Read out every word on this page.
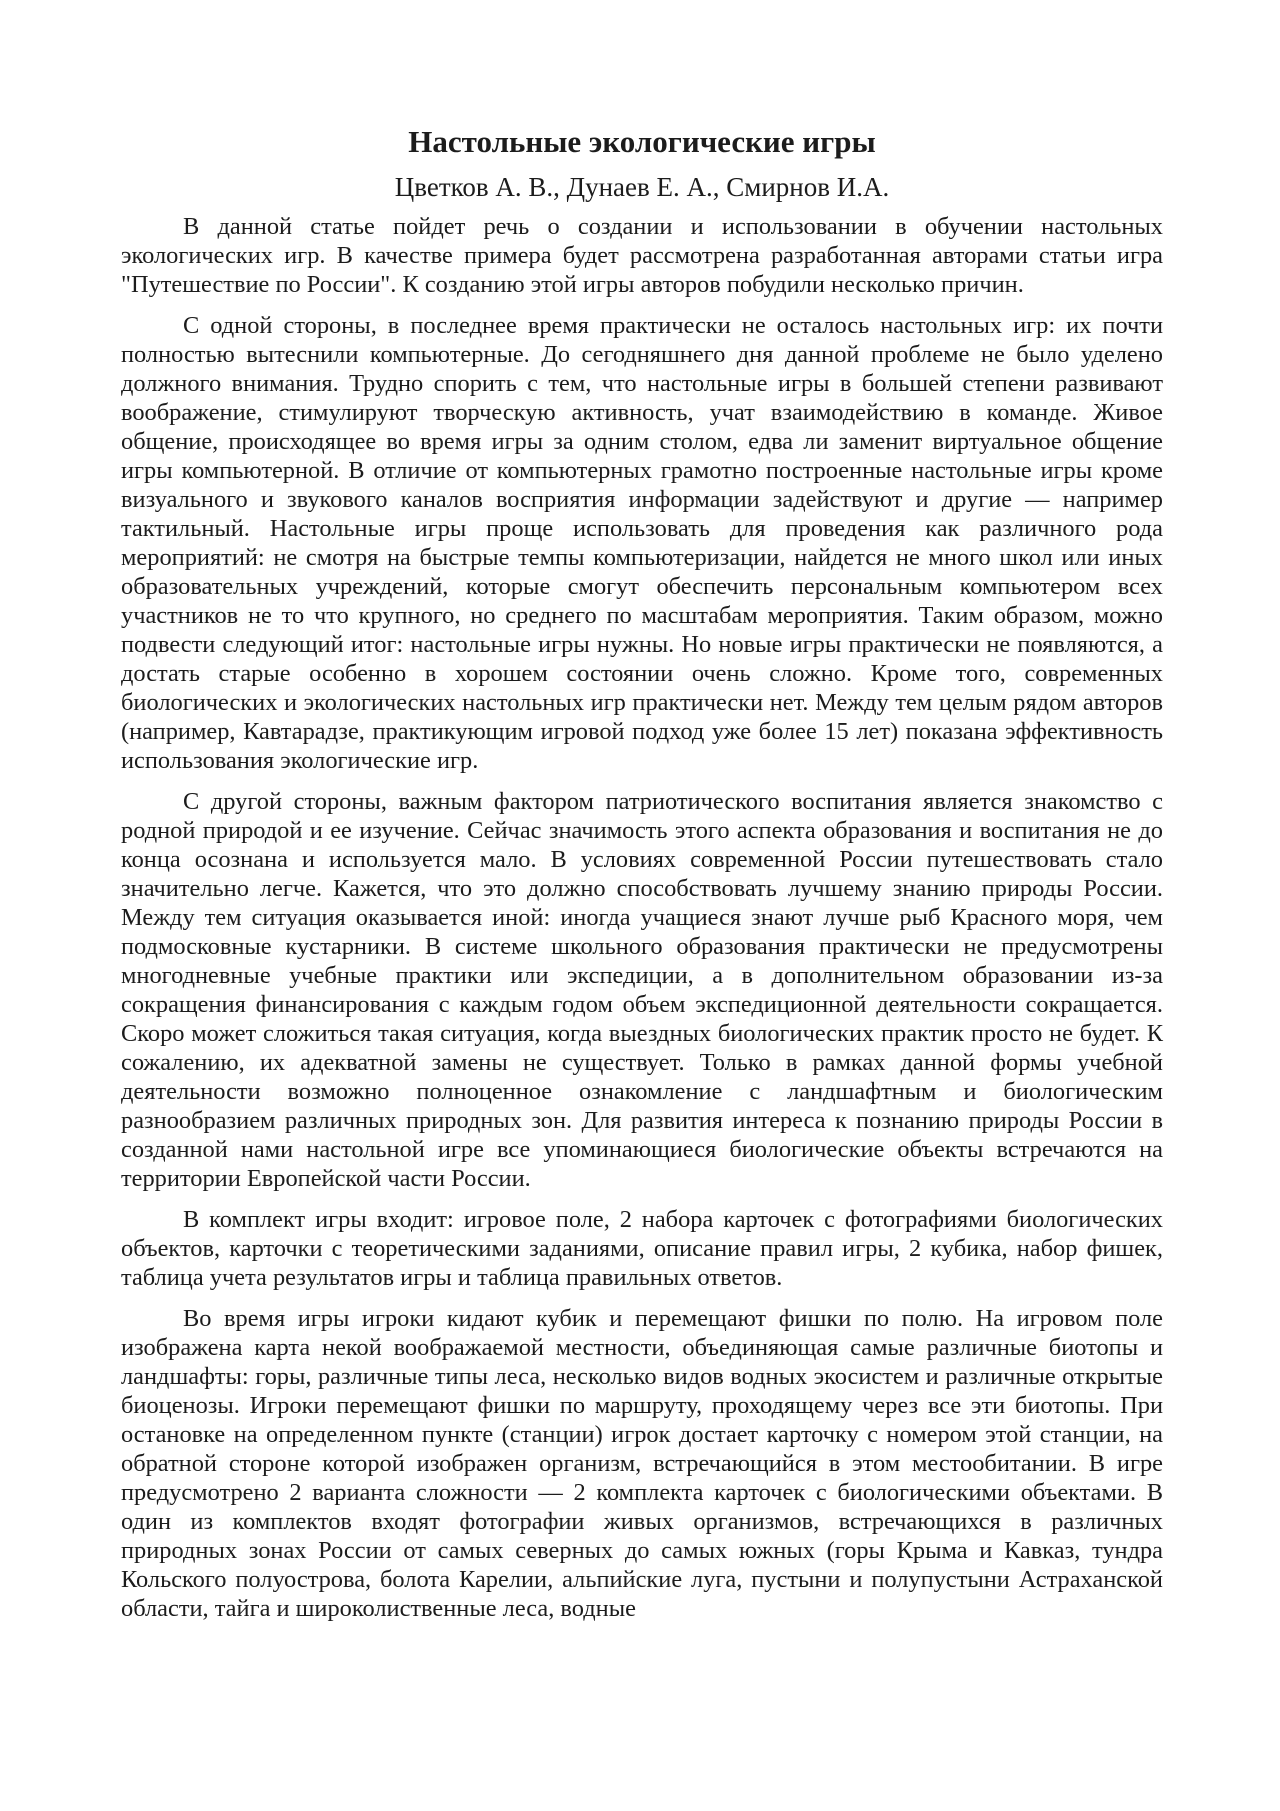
Настольные экологические игры
Цветков А. В., Дунаев Е. А., Смирнов И.А.

В данной статье пойдет речь о создании и использовании в обучении настольных экологических игр. В качестве примера будет рассмотрена разработанная авторами статьи игра "Путешествие по России". К созданию этой игры авторов побудили несколько причин.

С одной стороны, в последнее время практически не осталось настольных игр: их почти полностью вытеснили компьютерные. До сегодняшнего дня данной проблеме не было уделено должного внимания. Трудно спорить с тем, что настольные игры в большей степени развивают воображение, стимулируют творческую активность, учат взаимодействию в команде. Живое общение, происходящее во время игры за одним столом, едва ли заменит виртуальное общение игры компьютерной. В отличие от компьютерных грамотно построенные настольные игры кроме визуального и звукового каналов восприятия информации задействуют и другие — например тактильный. Настольные игры проще использовать для проведения как различного рода мероприятий: не смотря на быстрые темпы компьютеризации, найдется не много школ или иных образовательных учреждений, которые смогут обеспечить персональным компьютером всех участников не то что крупного, но среднего по масштабам мероприятия. Таким образом, можно подвести следующий итог: настольные игры нужны. Но новые игры практически не появляются, а достать старые особенно в хорошем состоянии очень сложно. Кроме того, современных биологических и экологических настольных игр практически нет. Между тем целым рядом авторов (например, Кавтарадзе, практикующим игровой подход уже более 15 лет) показана эффективность использования экологические игр.

С другой стороны, важным фактором патриотического воспитания является знакомство с родной природой и ее изучение. Сейчас значимость этого аспекта образования и воспитания не до конца осознана и используется мало. В условиях современной России путешествовать стало значительно легче. Кажется, что это должно способствовать лучшему знанию природы России. Между тем ситуация оказывается иной: иногда учащиеся знают лучше рыб Красного моря, чем подмосковные кустарники. В системе школьного образования практически не предусмотрены многодневные учебные практики или экспедиции, а в дополнительном образовании из-за сокращения финансирования с каждым годом объем экспедиционной деятельности сокращается. Скоро может сложиться такая ситуация, когда выездных биологических практик просто не будет. К сожалению, их адекватной замены не существует. Только в рамках данной формы учебной деятельности возможно полноценное ознакомление с ландшафтным и биологическим разнообразием различных природных зон. Для развития интереса к познанию природы России в созданной нами настольной игре все упоминающиеся биологические объекты встречаются на территории Европейской части России.

В комплект игры входит: игровое поле, 2 набора карточек с фотографиями биологических объектов, карточки с теоретическими заданиями, описание правил игры, 2 кубика, набор фишек, таблица учета результатов игры и таблица правильных ответов.

Во время игры игроки кидают кубик и перемещают фишки по полю. На игровом поле изображена карта некой воображаемой местности, объединяющая самые различные биотопы и ландшафты: горы, различные типы леса, несколько видов водных экосистем и различные открытые биоценозы. Игроки перемещают фишки по маршруту, проходящему через все эти биотопы. При остановке на определенном пункте (станции) игрок достает карточку с номером этой станции, на обратной стороне которой изображен организм, встречающийся в этом местообитании. В игре предусмотрено 2 варианта сложности — 2 комплекта карточек с биологическими объектами. В один из комплектов входят фотографии живых организмов, встречающихся в различных природных зонах России от самых северных до самых южных (горы Крыма и Кавказ, тундра Кольского полуострова, болота Карелии, альпийские луга, пустыни и полупустыни Астраханской области, тайга и широколиственные леса, водные
